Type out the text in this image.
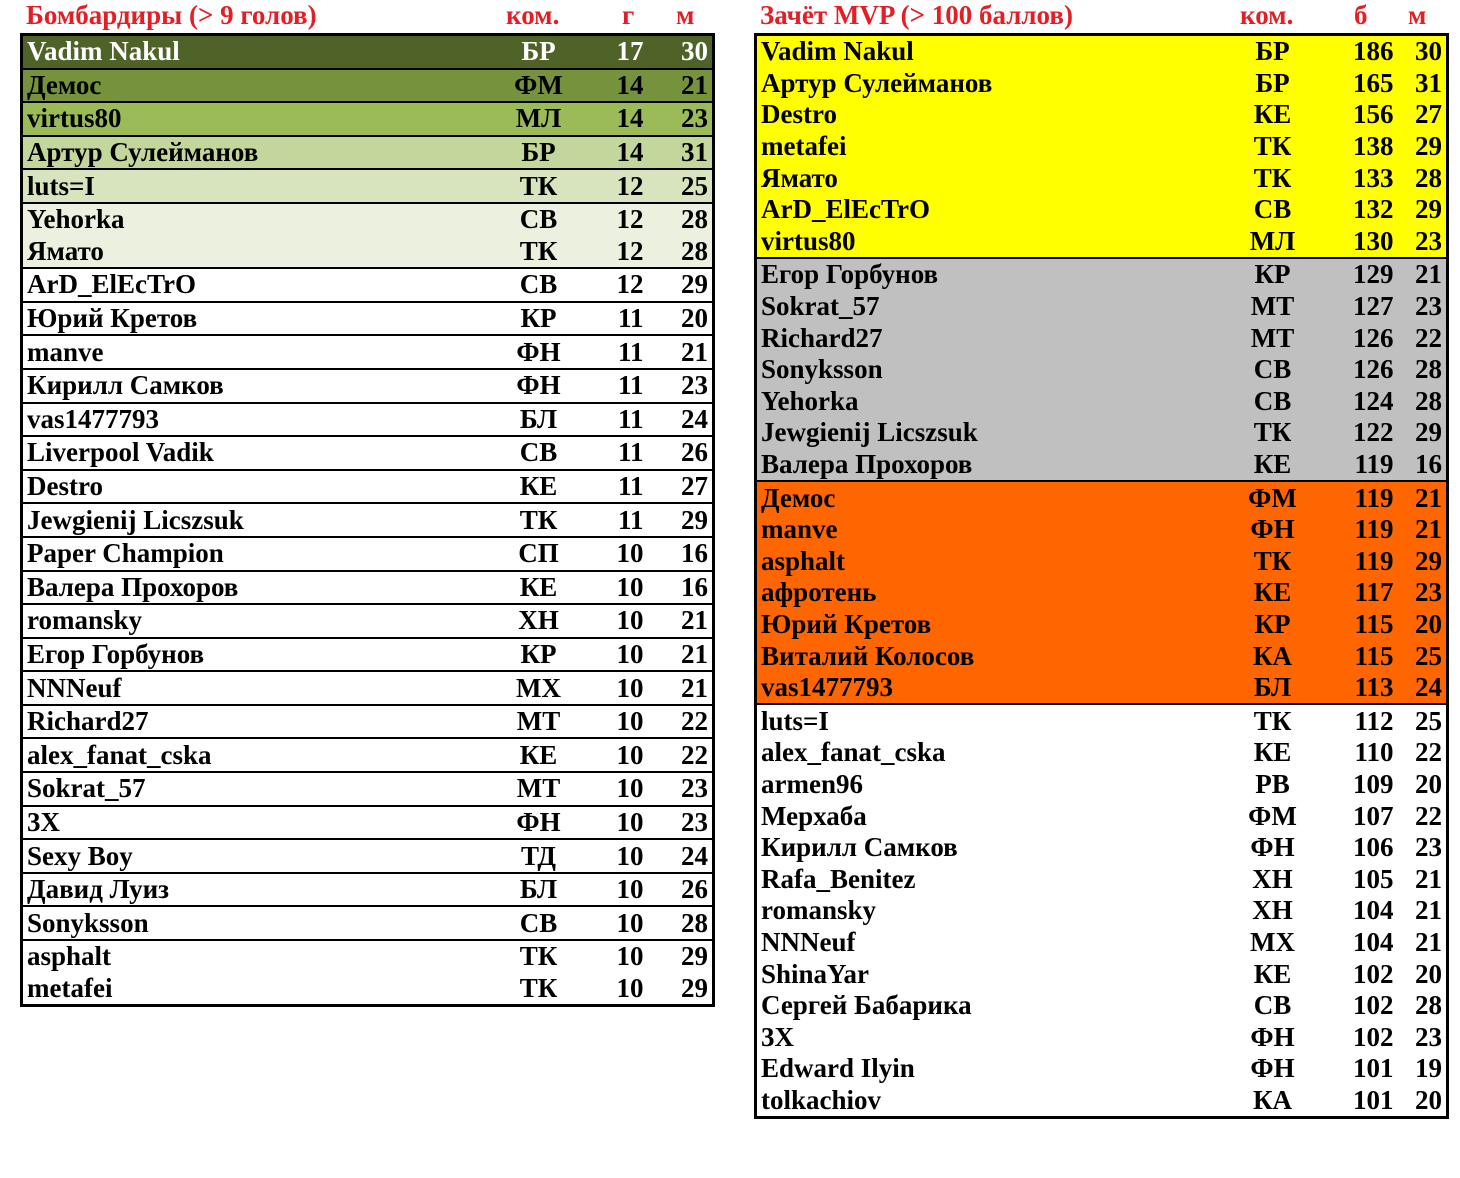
Бомбардиры (> 9 голов)	ком. г м
Vadim Nakul	БР	17	30
Демос	ФМ	14	21
virtus80	МЛ	14	23
Артур Сулейманов	БР	14	31
luts=I	ТК	12	25
Yehorka	СВ	12	28
Ямато	ТК	12	28
ArD_ElEcTrO	СВ	12	29
Юрий Кретов	КР	11	20
manve	ФН	11	21
Кирилл Самков	ФН	11	23
vas1477793	БЛ	11	24
Liverpool Vadik	СВ	11	26
Destro	КЕ	11	27
Jewgienij Licszsuk	ТК	11	29
Paper Champion	СП	10	16
Валера Прохоров	КЕ	10	16
romansky	ХН	10	21
Егор Горбунов	КР	10	21
NNNeuf	МХ	10	21
Richard27	МТ	10	22
alex_fanat_cska	КЕ	10	22
Sokrat_57	МТ	10	23
3X	ФН	10	23
Sexy Boy	ТД	10	24
Давид Луиз	БЛ	10	26
Sonyksson	СВ	10	28
asphalt	ТК	10	29
metafei	ТК	10	29
Зачёт MVP (> 100 баллов)	ком. б м
Vadim Nakul	БР	186	30
Артур Сулейманов	БР	165	31
Destro	КЕ	156	27
metafei	ТК	138	29
Ямато	ТК	133	28
ArD_ElEcTrO	СВ	132	29
virtus80	МЛ	130	23
Егор Горбунов	КР	129	21
Sokrat_57	МТ	127	23
Richard27	МТ	126	22
Sonyksson	СВ	126	28
Yehorka	СВ	124	28
Jewgienij Licszsuk	ТК	122	29
Валера Прохоров	КЕ	119	16
Демос	ФМ	119	21
manve	ФН	119	21
asphalt	ТК	119	29
афротень	КЕ	117	23
Юрий Кретов	КР	115	20
Виталий Колосов	КА	115	25
vas1477793	БЛ	113	24
luts=I	ТК	112	25
alex_fanat_cska	КЕ	110	22
armen96	РВ	109	20
Мерхаба	ФМ	107	22
Кирилл Самков	ФН	106	23
Rafa_Benitez	ХН	105	21
romansky	ХН	104	21
NNNeuf	МХ	104	21
ShinaYar	КЕ	102	20
Сергей Бабарика	СВ	102	28
3X	ФН	102	23
Edward Ilyin	ФН	101	19
tolkachiov	КА	101	20
